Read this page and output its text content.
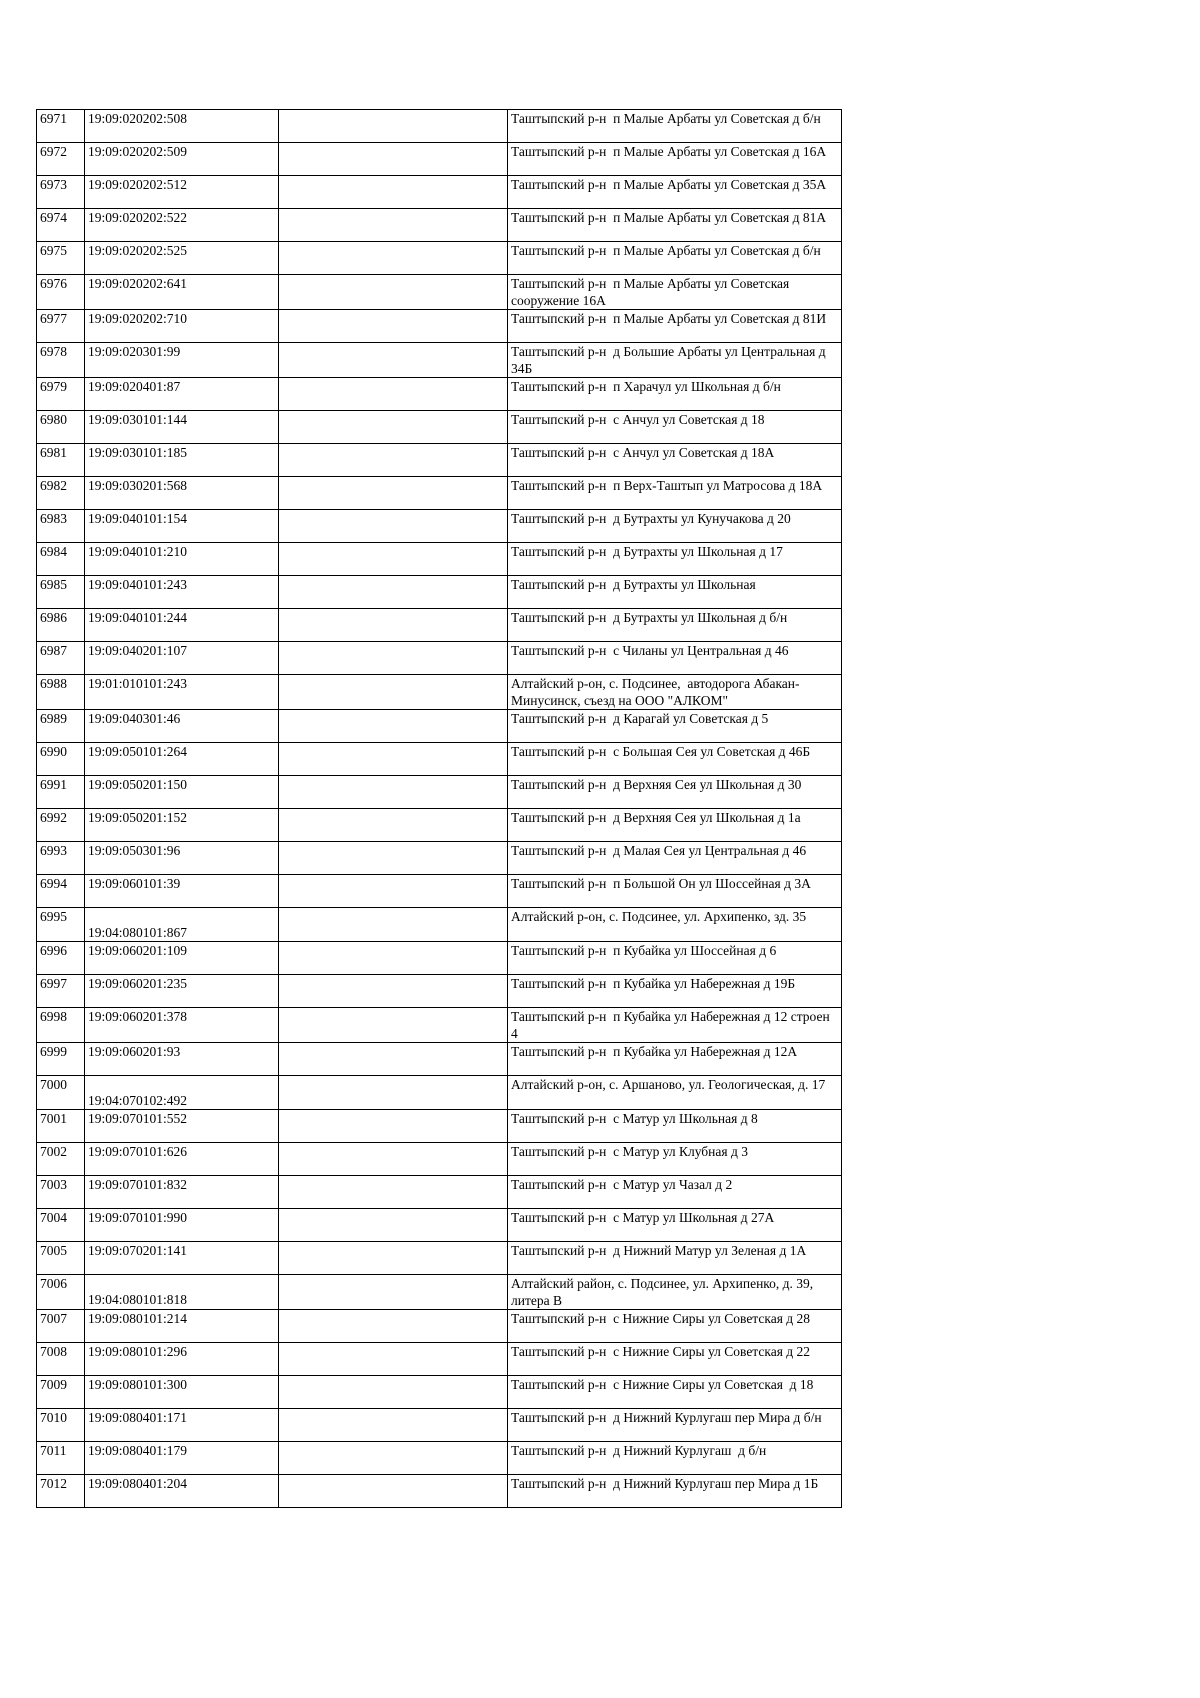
6971	19:09:020202:508		Таштыпский р-н  п Малые Арбаты ул Советская д б/н

6972	19:09:020202:509		Таштыпский р-н  п Малые Арбаты ул Советская д 16А

6973	19:09:020202:512		Таштыпский р-н  п Малые Арбаты ул Советская д 35А

6974	19:09:020202:522		Таштыпский р-н  п Малые Арбаты ул Советская д 81А

6975	19:09:020202:525		Таштыпский р-н  п Малые Арбаты ул Советская д б/н

6976	19:09:020202:641		Таштыпский р-н  п Малые Арбаты ул Советская сооружение 16А

6977	19:09:020202:710		Таштыпский р-н  п Малые Арбаты ул Советская д 81И

6978	19:09:020301:99		Таштыпский р-н  д Большие Арбаты ул Центральная д 34Б

6979	19:09:020401:87		Таштыпский р-н  п Харачул ул Школьная д б/н

6980	19:09:030101:144		Таштыпский р-н  с Анчул ул Советская д 18

6981	19:09:030101:185		Таштыпский р-н  с Анчул ул Советская д 18А

6982	19:09:030201:568		Таштыпский р-н  п Верх-Таштып ул Матросова д 18А

6983	19:09:040101:154		Таштыпский р-н  д Бутрахты ул Кунучакова д 20

6984	19:09:040101:210		Таштыпский р-н  д Бутрахты ул Школьная д 17

6985	19:09:040101:243		Таштыпский р-н  д Бутрахты ул Школьная

6986	19:09:040101:244		Таштыпский р-н  д Бутрахты ул Школьная д б/н

6987	19:09:040201:107		Таштыпский р-н  с Чиланы ул Центральная д 46

6988	19:01:010101:243		Алтайский р-он, с. Подсинее,  автодорога Абакан-Минусинск, съезд на ООО "АЛКОМ"

6989	19:09:040301:46		Таштыпский р-н  д Карагай ул Советская д 5

6990	19:09:050101:264		Таштыпский р-н  с Большая Сея ул Советская д 46Б

6991	19:09:050201:150		Таштыпский р-н  д Верхняя Сея ул Школьная д 30

6992	19:09:050201:152		Таштыпский р-н  д Верхняя Сея ул Школьная д 1а

6993	19:09:050301:96		Таштыпский р-н  д Малая Сея ул Центральная д 46

6994	19:09:060101:39		Таштыпский р-н  п Большой Он ул Шоссейная д 3А

6995	19:04:080101:867		Алтайский р-он, с. Подсинее, ул. Архипенко, зд. 35

6996	19:09:060201:109		Таштыпский р-н  п Кубайка ул Шоссейная д 6

6997	19:09:060201:235		Таштыпский р-н  п Кубайка ул Набережная д 19Б

6998	19:09:060201:378		Таштыпский р-н  п Кубайка ул Набережная д 12 строен 4

6999	19:09:060201:93		Таштыпский р-н  п Кубайка ул Набережная д 12А

7000	19:04:070102:492		Алтайский р-он, с. Аршаново, ул. Геологическая, д. 17

7001	19:09:070101:552		Таштыпский р-н  с Матур ул Школьная д 8

7002	19:09:070101:626		Таштыпский р-н  с Матур ул Клубная д 3

7003	19:09:070101:832		Таштыпский р-н  с Матур ул Чазал д 2

7004	19:09:070101:990		Таштыпский р-н  с Матур ул Школьная д 27А

7005	19:09:070201:141		Таштыпский р-н  д Нижний Матур ул Зеленая д 1А

7006	19:04:080101:818		Алтайский район, с. Подсинее, ул. Архипенко, д. 39, литера В

7007	19:09:080101:214		Таштыпский р-н  с Нижние Сиры ул Советская д 28

7008	19:09:080101:296		Таштыпский р-н  с Нижние Сиры ул Советская д 22

7009	19:09:080101:300		Таштыпский р-н  с Нижние Сиры ул Советская  д 18

7010	19:09:080401:171		Таштыпский р-н  д Нижний Курлугаш пер Мира д б/н

7011	19:09:080401:179		Таштыпский р-н  д Нижний Курлугаш  д б/н

7012	19:09:080401:204		Таштыпский р-н  д Нижний Курлугаш пер Мира д 1Б
